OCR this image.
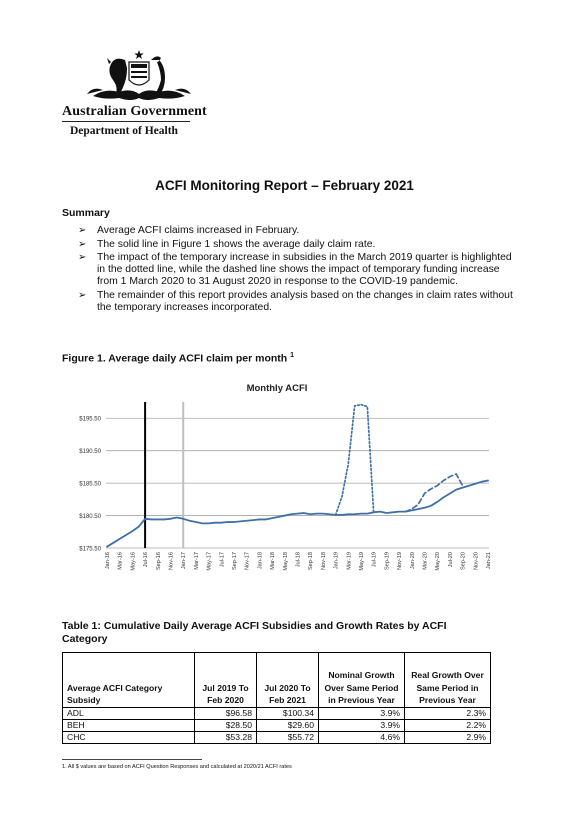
Australian Government
Department of Health
ACFI Monitoring Report – February 2021
Summary
➢ Average ACFI claims increased in February.
➢ The solid line in Figure 1 shows the average daily claim rate.
➢ The impact of the temporary increase in subsidies in the March 2019 quarter is highlighted in the dotted line, while the dashed line shows the impact of temporary funding increase from 1 March 2020 to 31 August 2020 in response to the COVID-19 pandemic.
➢ The remainder of this report provides analysis based on the changes in claim rates without the temporary increases incorporated.
Figure 1. Average daily ACFI claim per month $^1$
Monthly ACFI
$175.50
$180.50
$185.50
$190.50
$195.50
Jan-16 Mar-16 May-16 Jul-16 Sep-16 Nov-16 Jan-17 Mar-17 May-17 Jul-17 Sep-17 Nov-17 Jan-18 Mar-18 May-18 Jul-18 Sep-18 Nov-18 Jan-19 Mar-19 May-19 Jul-19 Sep-19 Nov-19 Jan-20 Mar-20 May-20 Jul-20 Sep-20 Nov-20 Jan-21
Table 1: Cumulative Daily Average ACFI Subsidies and Growth Rates by ACFI Category
Average ACFI Category Subsidy	Jul 2019 To Feb 2020	Jul 2020 To Feb 2021	Nominal Growth Over Same Period in Previous Year	Real Growth Over Same Period in Previous Year
ADL	$96.58	$100.34	3.9%	2.3%
BEH	$28.50	$29.60	3.9%	2.2%
CHC	$53.28	$55.72	4.6%	2.9%
1. All $ values are based on ACFI Question Responses and calculated at 2020/21 ACFI rates
